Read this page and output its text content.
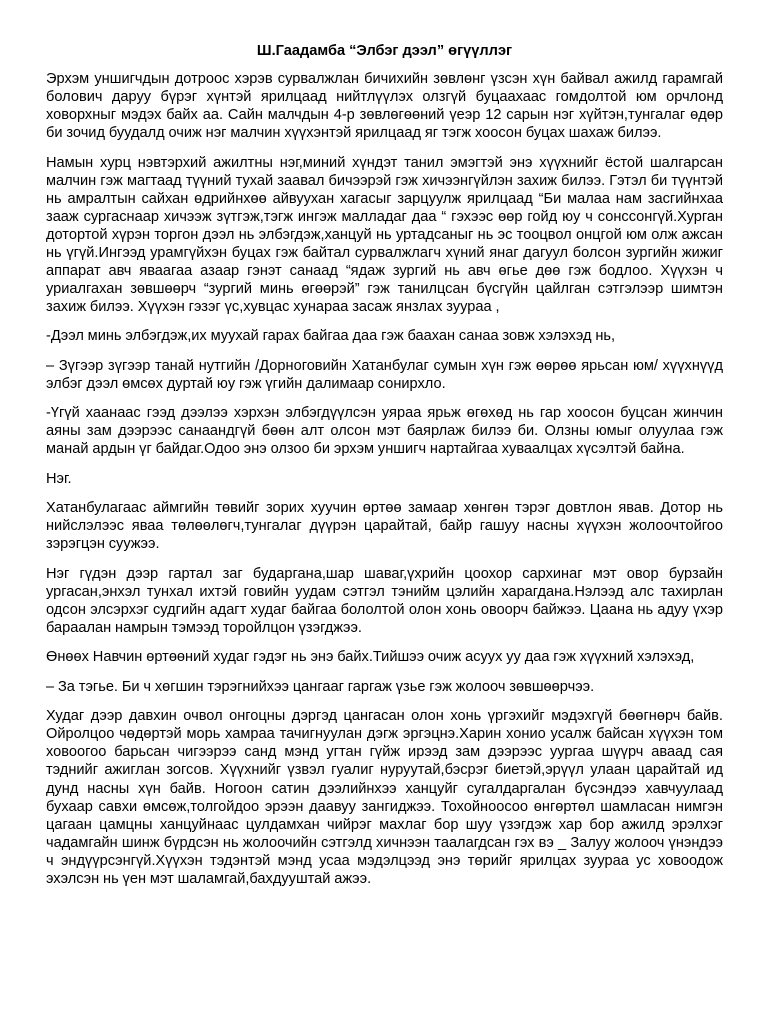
Ш.Гаадамба “Элбэг дээл” өгүүллэг

Эрхэм уншигчдын дотроос хэрэв сурвалжлан бичихийн зөвлөнг үзсэн хүн байвал ажилд гарамгай болович даруу бүрэг хүнтэй ярилцаад нийтлүүлэх олзгүй буцаахаас гомдолтой юм орчлонд ховорхныг мэдэх байх аа. Сайн малчдын 4-р зөвлөгөөний үеэр 12 сарын нэг хүйтэн,тунгалаг өдөр би зочид буудалд очиж нэг малчин хүүхэнтэй ярилцаад яг тэгж хоосон буцах шахаж билээ.

Намын хурц нэвтэрхий ажилтны нэг,миний хүндэт танил эмэгтэй энэ хүүхнийг ёстой шалгарсан малчин гэж магтаад түүний тухай заавал бичээрэй гэж хичээнгүйлэн захиж билээ. Гэтэл би түүнтэй нь амралтын сайхан өдрийнхөө айвуухан хагасыг зарцуулж ярилцаад “Би малаа нам засгийнхаа зааж сургаснаар хичээж зүтгэж,тэгж ингэж малладаг даа “ гэхээс өөр гойд юу ч сонссонгүй.Хурган дотортой хүрэн торгон дээл нь элбэгдэж,ханцуй нь уртадсаныг нь эс тооцвол онцгой юм олж ажсан нь үгүй.Ингээд урамгүйхэн буцах гэж байтал сурвалжлагч хүний янаг дагуул болсон зургийн жижиг аппарат авч яваагаа азаар гэнэт санаад “ядаж зургий нь авч өгье дөө гэж бодлоо. Хүүхэн ч уриалгахан зөвшөөрч “зургий минь өгөөрэй” гэж танилцсан бүсгүйн цайлган сэтгэлээр шимтэн захиж билээ. Хүүхэн гэзэг үс,хувцас хунараа засаж янзлах зуураа ,

-Дээл минь элбэгдэж,их муухай гарах байгаа даа гэж баахан санаа зовж хэлэхэд нь,

– Зүгээр зүгээр танай нутгийн /Дорноговийн Хатанбулаг сумын хүн гэж өөрөө ярьсан юм/ хүүхнүүд элбэг дээл өмсөх дуртай юу гэж үгийн далимаар сонирхло.

-Үгүй хаанаас гээд дээлээ хэрхэн элбэгдүүлсэн уяраа ярьж өгөхөд нь гар хоосон буцсан жинчин аяны зам дээрээс санаандгүй бөөн алт олсон мэт баярлаж билээ би. Олзны юмыг олуулаа гэж манай ардын үг байдаг.Одоо энэ олзоо би эрхэм уншигч нартайгаа хуваалцах хүсэлтэй байна.

Нэг.

Хатанбулагаас аймгийн төвийг зорих хуучин өртөө замаар хөнгөн тэрэг довтлон явав. Дотор нь нийслэлээс яваа төлөөлөгч,тунгалаг дүүрэн царайтай, байр гашуу насны хүүхэн жолоочтойгоо зэрэгцэн суужээ.

Нэг гүдэн дээр гартал заг бударгана,шар шаваг,үхрийн цоохор сархинаг мэт овор бурзайн ургасан,энхэл тунхал ихтэй говийн уудам сэтгэл тэнийм цэлийн харагдана.Нэлээд алс тахирлан одсон элсэрхэг судгийн адагт худаг байгаа бололтой олон хонь овоорч байжээ. Цаана нь адуу үхэр бараалан намрын тэмээд торойлцон үзэгджээ.

Өнөөх Навчин өртөөний худаг гэдэг нь энэ байх.Тийшээ очиж асуух уу даа гэж хүүхний хэлэхэд,

– За тэгье. Би ч хөгшин тэрэгнийхээ цангааг гаргаж үзье гэж жолооч зөвшөөрчээ.

Худаг дээр давхин очвол онгоцны дэргэд цангасан олон хонь үргэхийг мэдэхгүй бөөгнөрч байв. Ойролцоо чөдөртэй морь хамраа тачигнуулан дэгж эргэцнэ.Харин хонио усалж байсан хүүхэн том ховоогоо барьсан чигээрээ санд мэнд угтан гүйж ирээд зам дээрээс уургаа шүүрч аваад сая тэднийг ажиглан зогсов. Хүүхнийг үзвэл гуалиг нуруутай,бэсрэг биетэй,эрүүл улаан царайтай ид дунд насны хүн байв. Ногоон сатин дээлийнхээ ханцуйг сугалдаргалан бүсэндээ хавчуулаад бухаар савхи өмсөж,толгойдоо эрээн даавуу зангиджээ. Тохойноосоо өнгөртөл шамласан нимгэн цагаан цамцны ханцуйнаас цулдамхан чийрэг махлаг бор шуу үзэгдэж хар бор ажилд эрэлхэг чадамгайн шинж бүрдсэн нь жолоочийн сэтгэлд хичнээн таалагдсан гэх вэ _ Залуу жолооч үнэндээ ч эндүүрсэнгүй.Хүүхэн тэдэнтэй мэнд усаа мэдэлцээд энэ төрийг ярилцах зуураа ус ховоодож эхэлсэн нь үен мэт шаламгай,бахдууштай ажээ.
